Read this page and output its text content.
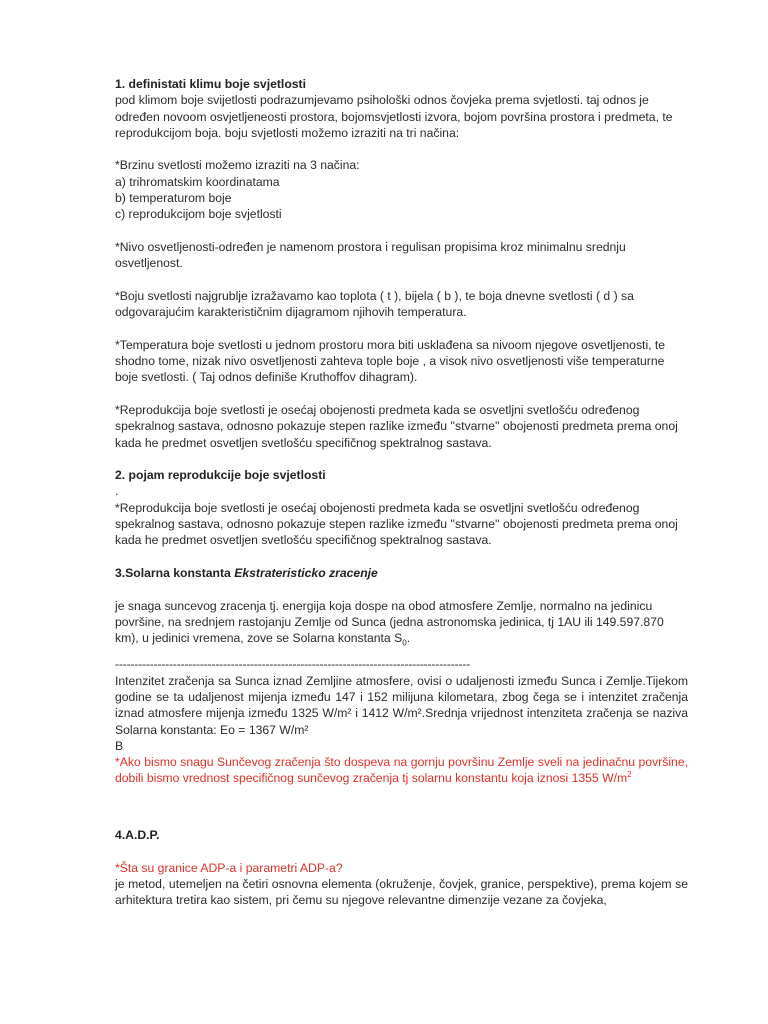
1. definistati klimu boje svjetlosti

pod klimom boje svijetlosti podrazumjevamo psihološki odnos čovjeka prema svjetlosti. taj odnos je određen novoom osvjetljeneosti prostora, bojomsvjetlosti izvora, bojom površina prostora i predmeta, te reprodukcijom boja. boju svjetlosti možemo izraziti na tri načina:

*Brzinu svetlosti možemo izraziti na 3 načina:

a) trihromatskim koordinatama

b) temperaturom boje

c) reprodukcijom boje svjetlosti

*Nivo osvetljenosti-određen je namenom prostora i regulisan propisima kroz minimalnu srednju osvetljenost.

*Boju svetlosti najgrublje izražavamo kao toplota ( t ), bijela ( b ), te boja dnevne svetlosti ( d ) sa odgovarajućim karakterističnim dijagramom njihovih temperatura.

*Temperatura boje svetlosti u jednom prostoru mora biti usklađena sa nivoom njegove osvetljenosti, te shodno tome, nizak nivo osvetljenosti zahteva tople boje , a visok nivo osvetljenosti više temperaturne boje svetlosti. ( Taj odnos definiše Kruthoffov dihagram).

*Reprodukcija boje svetlosti je osećaj obojenosti predmeta kada se osvetljni svetlošću određenog spekralnog sastava, odnosno pokazuje stepen razlike između ''stvarne'' obojenosti predmeta prema onoj kada he predmet osvetljen svetlošću specifičnog spektralnog sastava.

2. pojam reprodukcije boje svjetlosti

.

*Reprodukcija boje svetlosti je osećaj obojenosti predmeta kada se osvetljni svetlošću određenog spekralnog sastava, odnosno pokazuje stepen razlike između ''stvarne'' obojenosti predmeta prema onoj kada he predmet osvetljen svetlošću specifičnog spektralnog sastava.

3.Solarna konstanta Ekstrateristicko zracenje

je snaga suncevog zracenja tj. energija koja dospe na obod atmosfere Zemlje, normalno na jedinicu površine, na srednjem rastojanju Zemlje od Sunca (jedna astronomska jedinica, tj 1AU ili 149.597.870 km), u jedinici vremena, zove se Solarna konstanta $S_0$.

--------------------------------------------------------------------------------------------

Intenzitet zračenja sa Sunca iznad Zemljine atmosfere, ovisi o udaljenosti između Sunca i Zemlje.Tijekom godine se ta udaljenost mijenja između 147 i 152 milijuna kilometara, zbog čega se i intenzitet zračenja iznad atmosfere mijenja između 1325 W/m² i 1412 W/m².Srednja vrijednost intenziteta zračenja se naziva Solarna konstanta: Eo = 1367 W/m²

B

*Ako bismo snagu Sunčevog zračenja što dospeva na gornju površinu Zemlje sveli na jedinačnu površine, dobili bismo vrednost specifičnog sunčevog zračenja tj solarnu konstantu koja iznosi 1355 $W/m^2$

4.A.D.P.

*Šta su granice ADP-a i parametri ADP-a?

je metod, utemeljen na četiri osnovna elementa (okruženje, čovjek, granice, perspektive), prema kojem se arhitektura tretira kao sistem, pri čemu su njegove relevantne dimenzije vezane za čovjeka,
